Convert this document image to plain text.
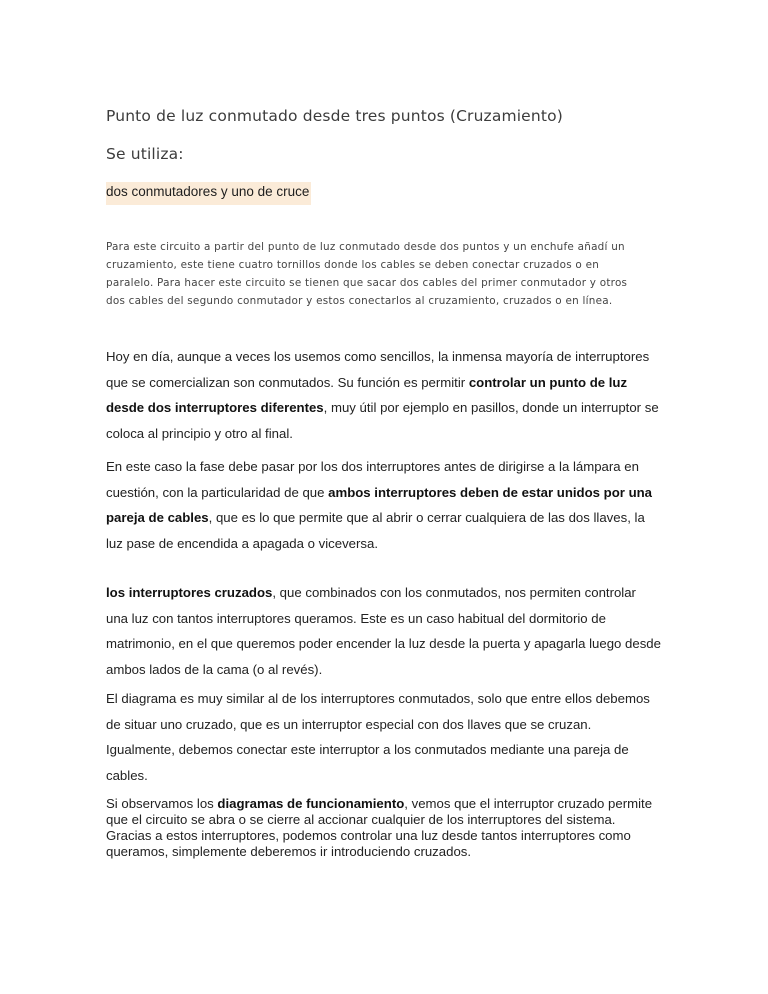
Punto de luz conmutado desde tres puntos (Cruzamiento)
Se utiliza:
dos conmutadores y uno de cruce
Para este circuito a partir del punto de luz conmutado desde dos puntos y un enchufe añadí un
cruzamiento, este tiene cuatro tornillos donde los cables se deben conectar cruzados o en
paralelo. Para hacer este circuito se tienen que sacar dos cables del primer conmutador y otros
dos cables del segundo conmutador y estos conectarlos al cruzamiento, cruzados o en línea.
Hoy en día, aunque a veces los usemos como sencillos, la inmensa mayoría de interruptores
que se comercializan son conmutados. Su función es permitir controlar un punto de luz
desde dos interruptores diferentes, muy útil por ejemplo en pasillos, donde un interruptor se
coloca al principio y otro al final.
En este caso la fase debe pasar por los dos interruptores antes de dirigirse a la lámpara en
cuestión, con la particularidad de que ambos interruptores deben de estar unidos por una
pareja de cables, que es lo que permite que al abrir o cerrar cualquiera de las dos llaves, la
luz pase de encendida a apagada o viceversa.
los interruptores cruzados, que combinados con los conmutados, nos permiten controlar
una luz con tantos interruptores queramos. Este es un caso habitual del dormitorio de
matrimonio, en el que queremos poder encender la luz desde la puerta y apagarla luego desde
ambos lados de la cama (o al revés).
El diagrama es muy similar al de los interruptores conmutados, solo que entre ellos debemos
de situar uno cruzado, que es un interruptor especial con dos llaves que se cruzan.
Igualmente, debemos conectar este interruptor a los conmutados mediante una pareja de
cables.
Si observamos los diagramas de funcionamiento, vemos que el interruptor cruzado permite
que el circuito se abra o se cierre al accionar cualquier de los interruptores del sistema.
Gracias a estos interruptores, podemos controlar una luz desde tantos interruptores como
queramos, simplemente deberemos ir introduciendo cruzados.
